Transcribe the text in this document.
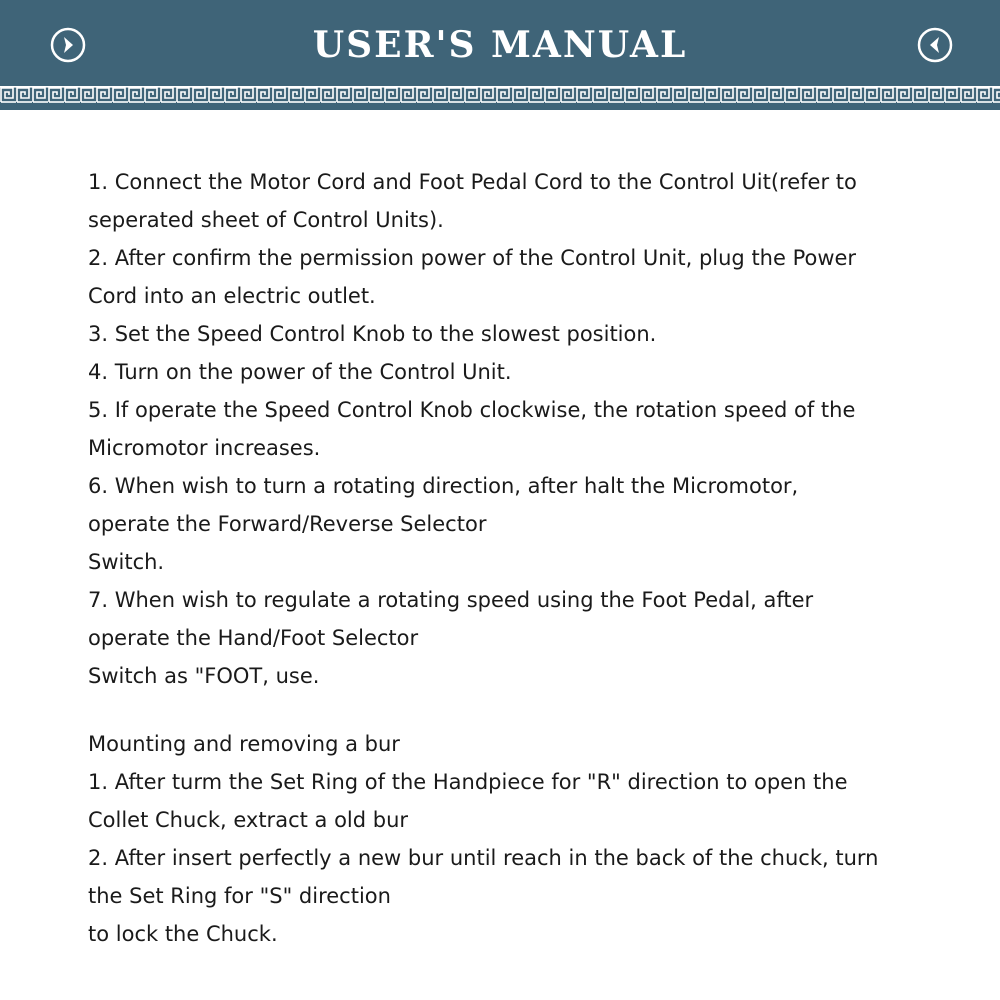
USER'S MANUAL

1. Connect the Motor Cord and Foot Pedal Cord to the Control Uit(refer to
seperated sheet of Control Units).

2. After confirm the permission power of the Control Unit, plug the Power
Cord into an electric outlet.

3. Set the Speed Control Knob to the slowest position.

4. Turn on the power of the Control Unit.

5. If operate the Speed Control Knob clockwise, the rotation speed of the
Micromotor increases.

6. When wish to turn a rotating direction, after halt the Micromotor,
operate the Forward/Reverse Selector
Switch.

7. When wish to regulate a rotating speed using the Foot Pedal, after
operate the Hand/Foot Selector
Switch as "FOOT, use.

Mounting and removing a bur

1. After turm the Set Ring of the Handpiece for "R" direction to open the
Collet Chuck, extract a old bur

2. After insert perfectly a new bur until reach in the back of the chuck, turn
the Set Ring for "S" direction
to lock the Chuck.
